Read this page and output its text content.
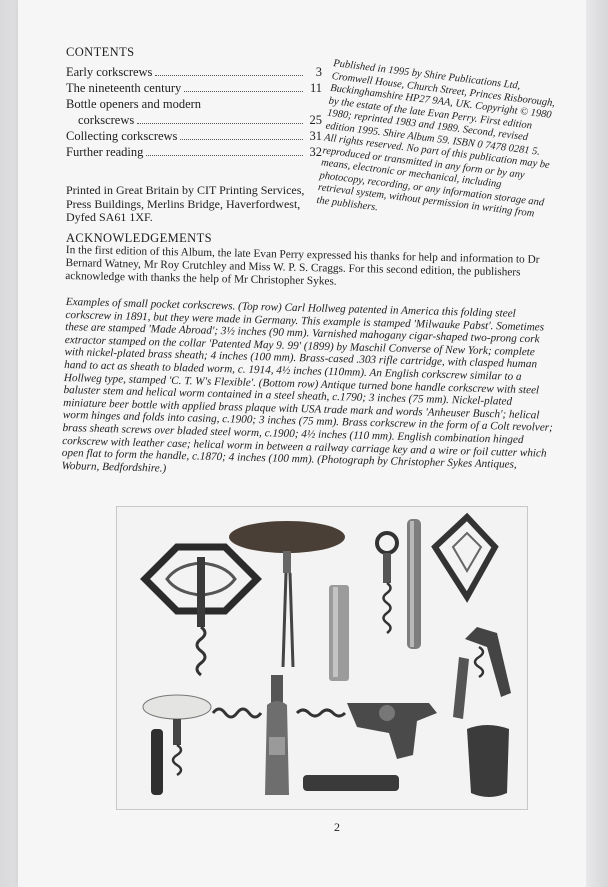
CONTENTS
Early corkscrews	3
The nineteenth century	11
Bottle openers and modern
corkscrews	25
Collecting corkscrews	31
Further reading	32
Published in 1995 by Shire Publications Ltd, Cromwell House, Church Street, Princes Risborough, Buckinghamshire HP27 9AA, UK. Copyright © 1980 by the estate of the late Evan Perry. First edition 1980; reprinted 1983 and 1989. Second, revised edition 1995. Shire Album 59. ISBN 0 7478 0281 5. All rights reserved. No part of this publication may be reproduced or transmitted in any form or by any means, electronic or mechanical, including photocopy, recording, or any information storage and retrieval system, without permission in writing from the publishers.
Printed in Great Britain by CIT Printing Services, Press Buildings, Merlins Bridge, Haverfordwest, Dyfed SA61 1XF.
ACKNOWLEDGEMENTS
In the first edition of this Album, the late Evan Perry expressed his thanks for help and information to Dr Bernard Watney, Mr Roy Crutchley and Miss W. P. S. Craggs. For this second edition, the publishers acknowledge with thanks the help of Mr Christopher Sykes.
Examples of small pocket corkscrews. (Top row) Carl Hollweg patented in America this folding steel corkscrew in 1891, but they were made in Germany. This example is stamped 'Milwauke Pabst'. Sometimes these are stamped 'Made Abroad'; 3½ inches (90 mm). Varnished mahogany cigar-shaped two-prong cork extractor stamped on the collar 'Patented May 9. 99' (1899) by Maschil Converse of New York; complete with nickel-plated brass sheath; 4 inches (100 mm). Brass-cased .303 rifle cartridge, with clasped human hand to act as sheath to bladed worm, c. 1914, 4½ inches (110mm). An English corkscrew similar to a Hollweg type, stamped 'C. T. W's Flexible'. (Bottom row) Antique turned bone handle corkscrew with steel baluster stem and helical worm contained in a steel sheath, c.1790; 3 inches (75 mm). Nickel-plated miniature beer bottle with applied brass plaque with USA trade mark and words 'Anheuser Busch'; helical worm hinges and folds into casing, c.1900; 3 inches (75 mm). Brass corkscrew in the form of a Colt revolver; brass sheath screws over bladed steel worm, c.1900; 4½ inches (110 mm). English combination hinged corkscrew with leather case; helical worm in between a railway carriage key and a wire or foil cutter which open flat to form the handle, c.1870; 4 inches (100 mm). (Photograph by Christopher Sykes Antiques, Woburn, Bedfordshire.)
2
